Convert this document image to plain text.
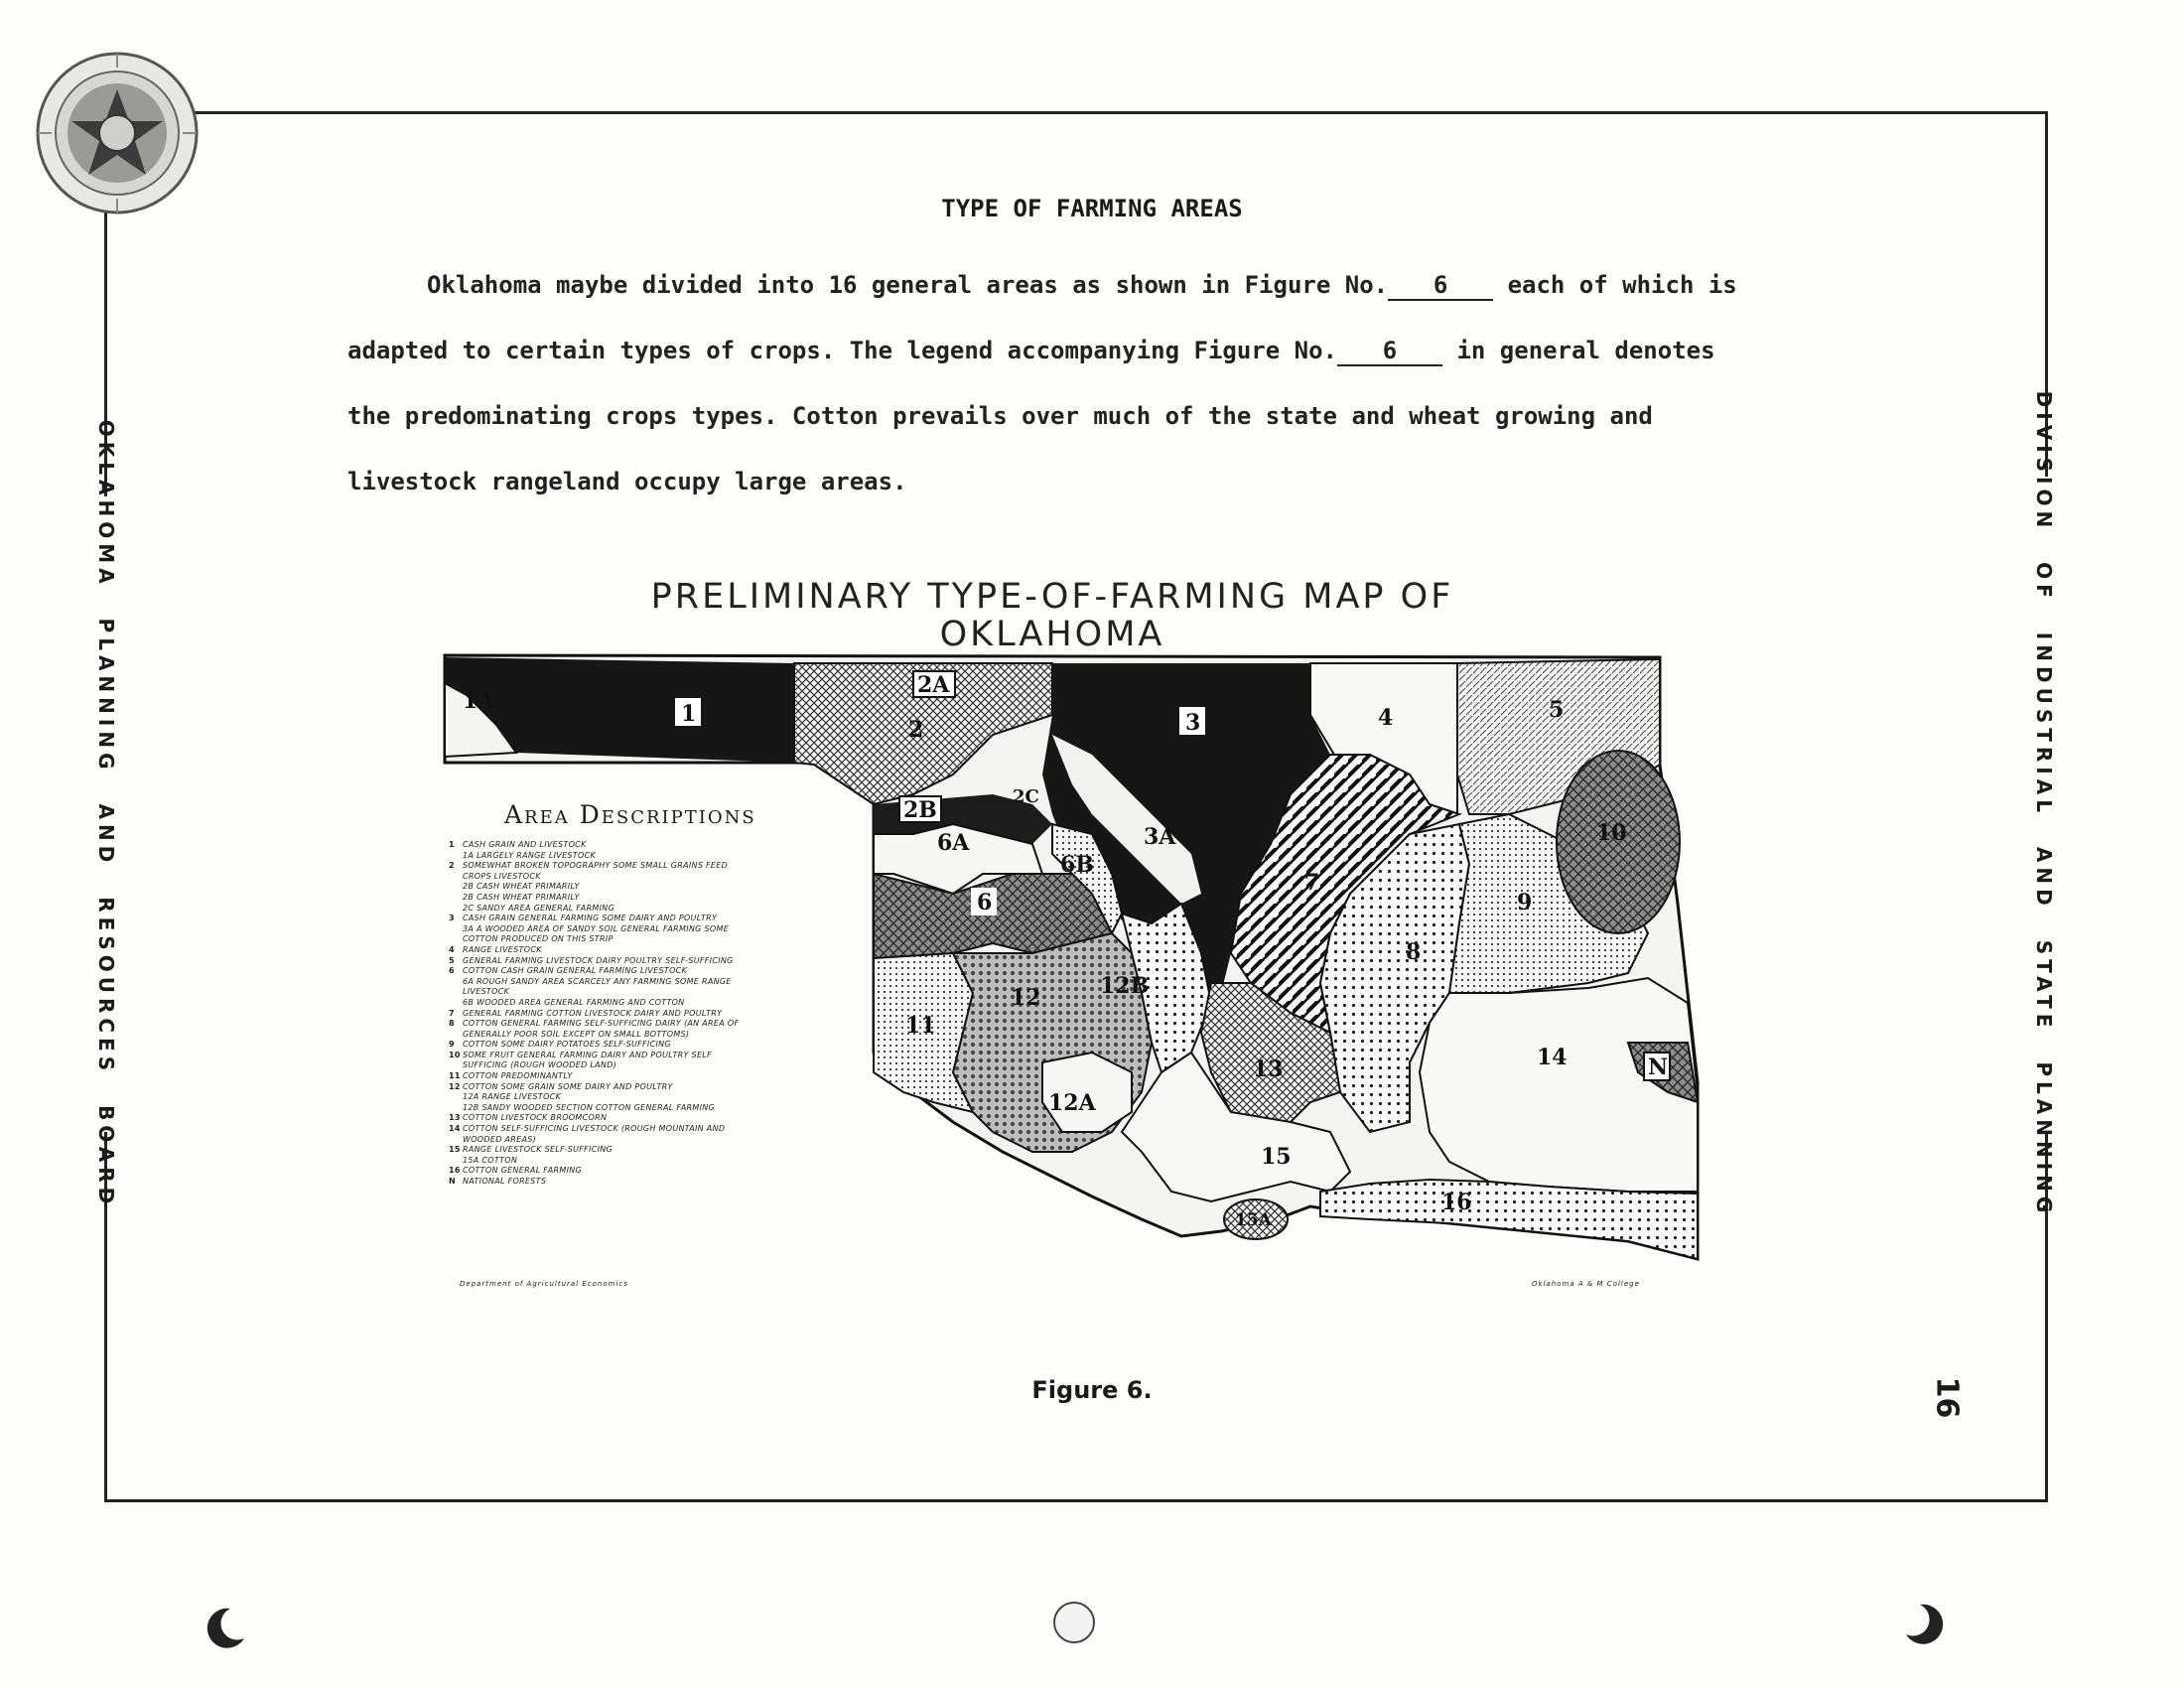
OKLAHOMA PLANNING AND RESOURCES BOARD	DIVISION OF INDUSTRIAL AND STATE PLANNING
TYPE OF FARMING AREAS
Oklahoma maybe divided into 16 general areas as shown in Figure No. 6	each of which is
adapted to certain types of crops. The legend accompanying Figure No. 6	in general denotes
the predominating crops types. Cotton prevails over much of the state and wheat growing and
livestock rangeland occupy large areas.
PRELIMINARY TYPE-OF-FARMING MAP OF
OKLAHOMA
1A	1
2A
2	3	4	5
2B
2C
6A
6B
3A
6
7
10
9
8
12	12B
11
12A
13	14	N
15
15A
16
Area Descriptions
1 CASH GRAIN AND LIVESTOCK
1A LARGELY RANGE LIVESTOCK
2 SOMEWHAT BROKEN TOPOGRAPHY SOME SMALL GRAINS FEED
CROPS LIVESTOCK
2B CASH WHEAT PRIMARILY
2B CASH WHEAT PRIMARILY
2C SANDY AREA GENERAL FARMING
3 CASH GRAIN GENERAL FARMING SOME DAIRY AND POULTRY
3A A WOODED AREA OF SANDY SOIL GENERAL FARMING SOME
COTTON PRODUCED ON THIS STRIP
4 RANGE LIVESTOCK
5 GENERAL FARMING LIVESTOCK DAIRY POULTRY SELF-SUFFICING
6 COTTON CASH GRAIN GENERAL FARMING LIVESTOCK
6A ROUGH SANDY AREA SCARCELY ANY FARMING SOME RANGE
LIVESTOCK
6B WOODED AREA GENERAL FARMING AND COTTON
7 GENERAL FARMING COTTON LIVESTOCK DAIRY AND POULTRY
8 COTTON GENERAL FARMING SELF-SUFFICING DAIRY (AN AREA OF
GENERALLY POOR SOIL EXCEPT ON SMALL BOTTOMS)
9 COTTON SOME DAIRY POTATOES SELF-SUFFICING
10 SOME FRUIT GENERAL FARMING DAIRY AND POULTRY SELF
SUFFICING (ROUGH WOODED LAND)
11 COTTON PREDOMINANTLY
12 COTTON SOME GRAIN SOME DAIRY AND POULTRY
12A RANGE LIVESTOCK
12B SANDY WOODED SECTION COTTON GENERAL FARMING
13 COTTON LIVESTOCK BROOMCORN
14 COTTON SELF-SUFFICING LIVESTOCK (ROUGH MOUNTAIN AND
WOODED AREAS)
15 RANGE LIVESTOCK SELF-SUFFICING
15A COTTON
16 COTTON GENERAL FARMING
N NATIONAL FORESTS
Department of Agricultural Economics	Oklahoma A & M College
Figure 6.	16
